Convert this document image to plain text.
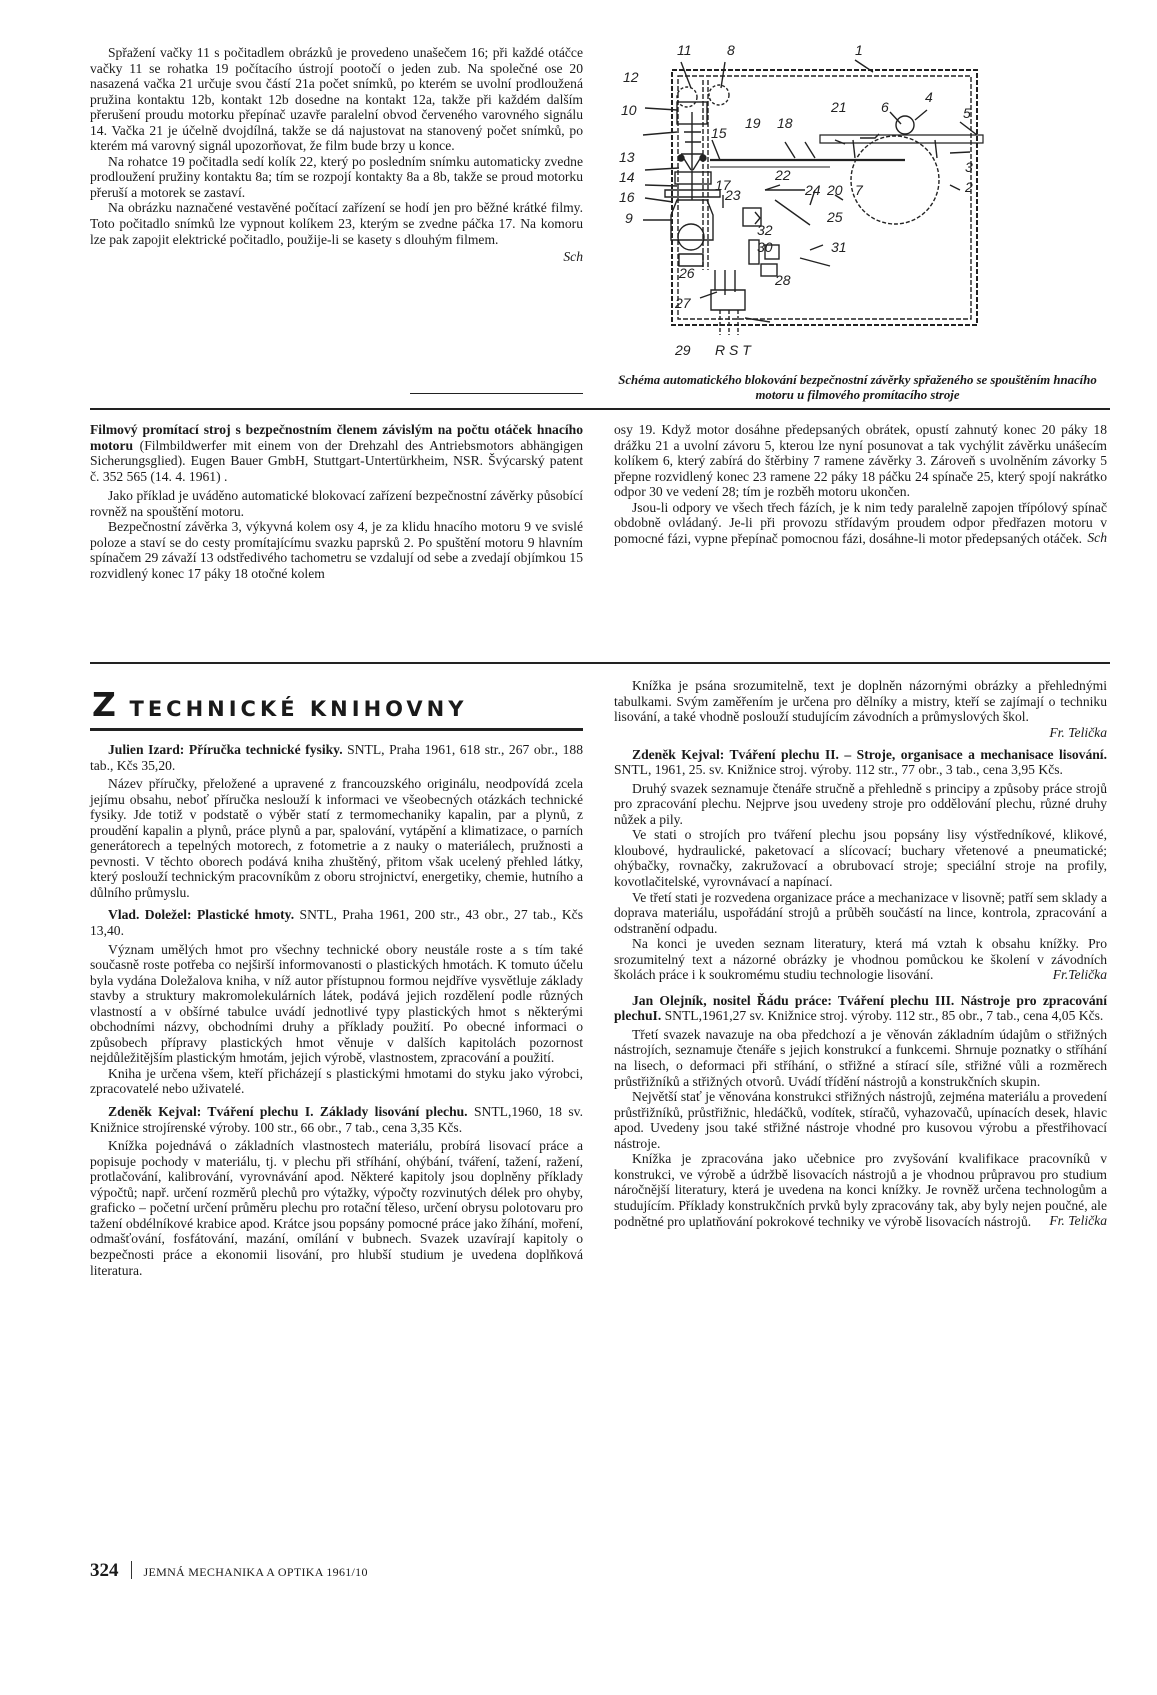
Spřažení vačky 11 s počitadlem obrázků je provedeno unašečem 16; při každé otáčce vačky 11 se rohatka 19 počítacího ústrojí pootočí o jeden zub. Na společné ose 20 nasazená vačka 21 určuje svou částí 21a počet snímků, po kterém se uvolní prodloužená pružina kontaktu 12b, kontakt 12b dosedne na kontakt 12a, takže při každém dalším přerušení proudu motorku přepínač uzavře paralelní obvod červeného varovného signálu 14. Vačka 21 je účelně dvojdílná, takže se dá najustovat na stanovený počet snímků, po kterém má varovný signál upozorňovat, že film bude brzy u konce.

Na rohatce 19 počitadla sedí kolík 22, který po posledním snímku automaticky zvedne prodloužení pružiny kontaktu 8a; tím se rozpojí kontakty 8a a 8b, takže se proud motorku přeruší a motorek se zastaví.

Na obrázku naznačené vestavěné počítací zařízení se hodí jen pro běžné krátké filmy. Toto počitadlo snímků lze vypnout kolíkem 23, kterým se zvedne páčka 17. Na komoru lze pak zapojit elektrické počitadlo, použije-li se kasety s dlouhým filmem.

Sch
11	8	1
12
10
15
19 18
21 6
4
5
13
14
16
9
17
22
24 20 7
3
2
23
32
25
30	31
26	28
27
29 R S T
Schéma automatického blokování bezpečnostní závěrky spřaženého se spouštěním hnacího motoru u filmového promítacího stroje

Filmový promítací stroj s bezpečnostním členem závislým na počtu otáček hnacího motoru (Filmbildwerfer mit einem von der Drehzahl des Antriebsmotors abhängigen Sicherungsglied). Eugen Bauer GmbH, Stuttgart-Untertürkheim, NSR. Švýcarský patent č. 352 565 (14. 4. 1961) .

Jako příklad je uváděno automatické blokovací zařízení bezpečnostní závěrky působící rovněž na spouštění motoru.

Bezpečnostní závěrka 3, výkyvná kolem osy 4, je za klidu hnacího motoru 9 ve svislé poloze a staví se do cesty promítajícímu svazku paprsků 2. Po spuštění motoru 9 hlavním spínačem 29 závaží 13 odstředivého tachometru se vzdalují od sebe a zvedají objímkou 15 rozvidlený konec 17 páky 18 otočné kolem

osy 19. Když motor dosáhne předepsaných obrátek, opustí zahnutý konec 20 páky 18 drážku 21 a uvolní závoru 5, kterou lze nyní posunovat a tak vychýlit závěrku unášecím kolíkem 6, který zabírá do štěrbiny 7 ramene závěrky 3. Zároveň s uvolněním závorky 5 přepne rozvidlený konec 23 ramene 22 páky 18 páčku 24 spínače 25, který spojí nakrátko odpor 30 ve vedení 28; tím je rozběh motoru ukončen.

Jsou-li odpory ve všech třech fázích, je k nim tedy paralelně zapojen třípólový spínač obdobně ovládaný. Je-li při provozu střídavým proudem odpor předřazen motoru v pomocné fázi, vypne přepínač pomocnou fázi, dosáhne-li motor předepsaných otáček. Sch
Z TECHNICKÉ KNIHOVNY

Julien Izard: Příručka technické fysiky. SNTL, Praha 1961, 618 str., 267 obr., 188 tab., Kčs 35,20.

Název příručky, přeložené a upravené z francouzského originálu, neodpovídá zcela jejímu obsahu, neboť příručka neslouží k informaci ve všeobecných otázkách technické fysiky. Jde totiž v podstatě o výběr statí z termomechaniky kapalin, par a plynů, z proudění kapalin a plynů, práce plynů a par, spalování, vytápění a klimatizace, o parních generátorech a tepelných motorech, z fotometrie a z nauky o materiálech, pružnosti a pevnosti. V těchto oborech podává kniha zhuštěný, přitom však ucelený přehled látky, který poslouží technickým pracovníkům z oboru strojnictví, energetiky, chemie, hutního a důlního průmyslu.

Vlad. Doležel: Plastické hmoty. SNTL, Praha 1961, 200 str., 43 obr., 27 tab., Kčs 13,40.

Význam umělých hmot pro všechny technické obory neustále roste a s tím také současně roste potřeba co nejširší informovanosti o plastických hmotách. K tomuto účelu byla vydána Doležalova kniha, v níž autor přístupnou formou nejdříve vysvětluje základy stavby a struktury makromolekulárních látek, podává jejich rozdělení podle různých vlastností a v obšírné tabulce uvádí jednotlivé typy plastických hmot s některými obchodními názvy, obchodními druhy a příklady použití. Po obecné informaci o způsobech přípravy plastických hmot věnuje v dalších kapitolách pozornost nejdůležitějším plastickým hmotám, jejich výrobě, vlastnostem, zpracování a použití.

Kniha je určena všem, kteří přicházejí s plastickými hmotami do styku jako výrobci, zpracovatelé nebo uživatelé.

Zdeněk Kejval: Tváření plechu I. Základy lisování plechu. SNTL,1960, 18 sv. Knižnice strojírenské výroby. 100 str., 66 obr., 7 tab., cena 3,35 Kčs.

Knížka pojednává o základních vlastnostech materiálu, probírá lisovací práce a popisuje pochody v materiálu, tj. v plechu při stříhání, ohýbání, tváření, tažení, ražení, protlačování, kalibrování, vyrovnávání apod. Některé kapitoly jsou doplněny příklady výpočtů; např. určení rozměrů plechů pro výtažky, výpočty rozvinutých délek pro ohyby, graficko – početní určení průměru plechu pro rotační těleso, určení obrysu polotovaru pro tažení obdélníkové krabice apod. Krátce jsou popsány pomocné práce jako žíhání, moření, odmašťování, fosfátování, mazání, omílání v bubnech. Svazek uzavírají kapitoly o bezpečnosti práce a ekonomii lisování, pro hlubší studium je uvedena doplňková literatura.

Knížka je psána srozumitelně, text je doplněn názornými obrázky a přehlednými tabulkami. Svým zaměřením je určena pro dělníky a mistry, kteří se zajímají o techniku lisování, a také vhodně poslouží studujícím závodních a průmyslových škol.

Fr. Telička

Zdeněk Kejval: Tváření plechu II. – Stroje, organisace a mechanisace lisování. SNTL, 1961, 25. sv. Knižnice stroj. výroby. 112 str., 77 obr., 3 tab., cena 3,95 Kčs.

Druhý svazek seznamuje čtenáře stručně a přehledně s principy a způsoby práce strojů pro zpracování plechu. Nejprve jsou uvedeny stroje pro oddělování plechu, různé druhy nůžek a pily.

Ve stati o strojích pro tváření plechu jsou popsány lisy výstředníkové, klikové, kloubové, hydraulické, paketovací a slícovací; buchary vřetenové a pneumatické; ohýbačky, rovnačky, zakružovací a obrubovací stroje; speciální stroje na profily, kovotlačitelské, vyrovnávací a napínací.

Ve třetí stati je rozvedena organizace práce a mechanizace v lisovně; patří sem sklady a doprava materiálu, uspořádání strojů a průběh součástí na lince, kontrola, zpracování a odstranění odpadu.

Na konci je uveden seznam literatury, která má vztah k obsahu knížky. Pro srozumitelný text a názorné obrázky je vhodnou pomůckou ke školení v závodních školách práce i k soukromému studiu technologie lisování.	Fr.Telička

Jan Olejník, nositel Řádu práce: Tváření plechu III. Nástroje pro zpracování plechuI. SNTL,1961,27 sv. Knižnice stroj. výroby. 112 str., 85 obr., 7 tab., cena 4,05 Kčs.

Třetí svazek navazuje na oba předchozí a je věnován základním údajům o střižných nástrojích, seznamuje čtenáře s jejich konstrukcí a funkcemi. Shrnuje poznatky o stříhání na lisech, o deformaci při stříhání, o střižné a stírací síle, střižné vůli a rozměrech průstřižníků a střižných otvorů. Uvádí třídění nástrojů a konstrukčních skupin.

Největší stať je věnována konstrukci střižných nástrojů, zejména materiálu a provedení průstřižníků, průstřižnic, hledáčků, vodítek, stíračů, vyhazovačů, upínacích desek, hlavic apod. Uvedeny jsou také střižné nástroje vhodné pro kusovou výrobu a přestřihovací nástroje.

Knížka je zpracována jako učebnice pro zvyšování kvalifikace pracovníků v konstrukci, ve výrobě a údržbě lisovacích nástrojů a je vhodnou průpravou pro studium náročnější literatury, která je uvedena na konci knížky. Je rovněž určena technologům a studujícím. Příklady konstrukčních prvků byly zpracovány tak, aby byly nejen poučné, ale podnětné pro uplatňování pokrokové techniky ve výrobě lisovacích nástrojů.	Fr. Telička
324 JEMNÁ MECHANIKA A OPTIKA 1961/10
